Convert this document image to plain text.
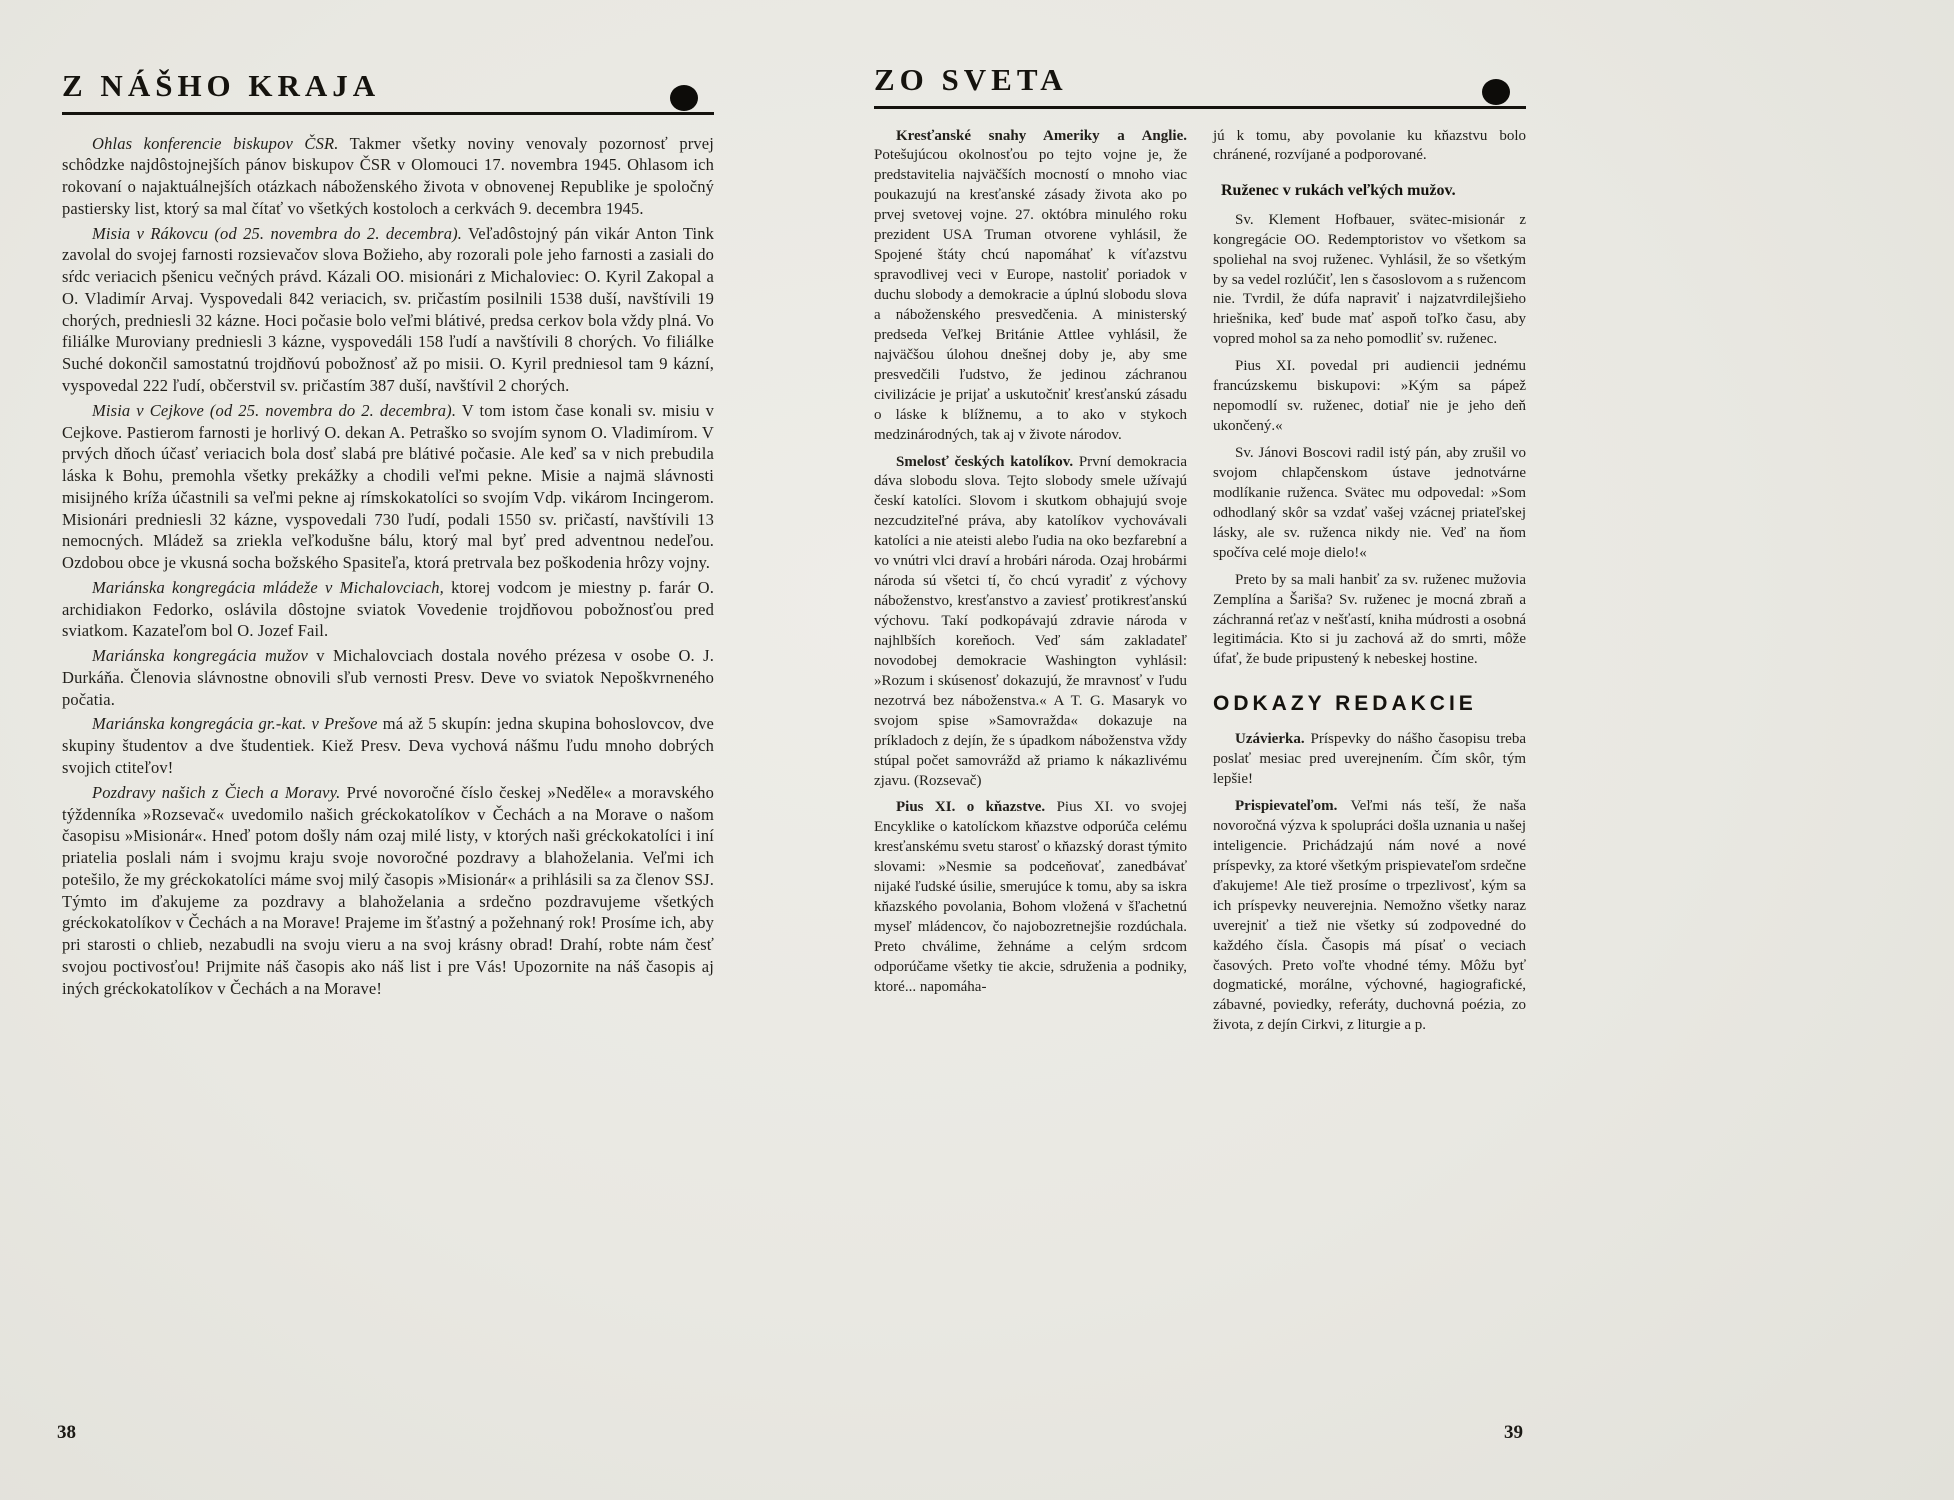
Z NÁŠHO KRAJA

Ohlas konferencie biskupov ČSR. Takmer všetky noviny venovaly pozornosť prvej schôdzke najdôstojnejších pánov biskupov ČSR v Olomouci 17. novembra 1945. Ohlasom ich rokovaní o najaktuálnejších otázkach náboženského života v obnovenej Republike je spoločný pastiersky list, ktorý sa mal čítať vo všetkých kostoloch a cerkvách 9. decembra 1945.

Misia v Rákovcu (od 25. novembra do 2. decembra). Veľadôstojný pán vikár Anton Tink zavolal do svojej farnosti rozsievačov slova Božieho, aby rozorali pole jeho farnosti a zasiali do sŕdc veriacich pšenicu večných právd. Kázali OO. misionári z Michaloviec: O. Kyril Zakopal a O. Vladimír Arvaj. Vyspovedali 842 veriacich, sv. pričastím posilnili 1538 duší, navštívili 19 chorých, predniesli 32 kázne. Hoci počasie bolo veľmi blátivé, predsa cerkov bola vždy plná. Vo filiálke Muroviany predniesli 3 kázne, vyspovedáli 158 ľudí a navštívili 8 chorých. Vo filiálke Suché dokončil samostatnú trojdňovú pobožnosť až po misii. O. Kyril predniesol tam 9 kázní, vyspovedal 222 ľudí, občerstvil sv. pričastím 387 duší, navštívil 2 chorých.

Misia v Cejkove (od 25. novembra do 2. decembra). V tom istom čase konali sv. misiu v Cejkove. Pastierom farnosti je horlivý O. dekan A. Petraško so svojím synom O. Vladimírom. V prvých dňoch účasť veriacich bola dosť slabá pre blátivé počasie. Ale keď sa v nich prebudila láska k Bohu, premohla všetky prekážky a chodili veľmi pekne. Misie a najmä slávnosti misijného kríža účastnili sa veľmi pekne aj rímskokatolíci so svojím Vdp. vikárom Incingerom. Misionári predniesli 32 kázne, vyspovedali 730 ľudí, podali 1550 sv. pričastí, navštívili 13 nemocných. Mládež sa zriekla veľkodušne bálu, ktorý mal byť pred adventnou nedeľou. Ozdobou obce je vkusná socha božského Spasiteľa, ktorá pretrvala bez poškodenia hrôzy vojny.

Mariánska kongregácia mládeže v Michalovciach, ktorej vodcom je miestny p. farár O. archidiakon Fedorko, oslávila dôstojne sviatok Vovedenie trojdňovou pobožnosťou pred sviatkom. Kazateľom bol O. Jozef Fail.

Mariánska kongregácia mužov v Michalovciach dostala nového prézesa v osobe O. J. Durkáňa. Členovia slávnostne obnovili sľub vernosti Presv. Deve vo sviatok Nepoškvrneného počatia.

Mariánska kongregácia gr.-kat. v Prešove má až 5 skupín: jedna skupina bohoslovcov, dve skupiny študentov a dve študentiek. Kiež Presv. Deva vychová nášmu ľudu mnoho dobrých svojich ctiteľov!

Pozdravy našich z Čiech a Moravy. Prvé novoročné číslo českej »Neděle« a moravského týždenníka »Rozsevač« uvedomilo našich gréckokatolíkov v Čechách a na Morave o našom časopisu »Misionár«. Hneď potom došly nám ozaj milé listy, v ktorých naši gréckokatolíci i iní priatelia poslali nám i svojmu kraju svoje novoročné pozdravy a blahoželania. Veľmi ich potešilo, že my gréckokatolíci máme svoj milý časopis »Misionár« a prihlásili sa za členov SSJ. Týmto im ďakujeme za pozdravy a blahoželania a srdečno pozdravujeme všetkých gréckokatolíkov v Čechách a na Morave! Prajeme im šťastný a požehnaný rok! Prosíme ich, aby pri starosti o chlieb, nezabudli na svoju vieru a na svoj krásny obrad! Drahí, robte nám česť svojou poctivosťou! Prijmite náš časopis ako náš list i pre Vás! Upozornite na náš časopis aj iných gréckokatolíkov v Čechách a na Morave!

ZO SVETA

Kresťanské snahy Ameriky a Anglie. Potešujúcou okolnosťou po tejto vojne je, že predstavitelia najväčších mocností o mnoho viac poukazujú na kresťanské zásady života ako po prvej svetovej vojne. 27. októbra minulého roku prezident USA Truman otvorene vyhlásil, že Spojené štáty chcú napomáhať k víťazstvu spravodlivej veci v Europe, nastoliť poriadok v duchu slobody a demokracie a úplnú slobodu slova a náboženského presvedčenia. A ministerský predseda Veľkej Británie Attlee vyhlásil, že najväčšou úlohou dnešnej doby je, aby sme presvedčili ľudstvo, že jedinou záchranou civilizácie je prijať a uskutočniť kresťanskú zásadu o láske k blížnemu, a to ako v stykoch medzinárodných, tak aj v živote národov.

Smelosť českých katolíkov. První demokracia dáva slobodu slova. Tejto slobody smele užívajú českí katolíci. Slovom i skutkom obhajujú svoje nezcudziteľné práva, aby katolíkov vychovávali katolíci a nie ateisti alebo ľudia na oko bezfarební a vo vnútri vlci draví a hrobári národa. Ozaj hrobármi národa sú všetci tí, čo chcú vyradiť z výchovy náboženstvo, kresťanstvo a zaviesť protikresťanskú výchovu. Takí podkopávajú zdravie národa v najhlbších koreňoch. Veď sám zakladateľ novodobej demokracie Washington vyhlásil: »Rozum i skúsenosť dokazujú, že mravnosť v ľudu nezotrvá bez náboženstva.« A T. G. Masaryk vo svojom spise »Samovražda« dokazuje na príkladoch z dejín, že s úpadkom náboženstva vždy stúpal počet samovrážd až priamo k nákazlivému zjavu. (Rozsevač)

Pius XI. o kňazstve. Pius XI. vo svojej Encyklike o katolíckom kňazstve odporúča celému kresťanskému svetu starosť o kňazský dorast týmito slovami: »Nesmie sa podceňovať, zanedbávať nijaké ľudské úsilie, smerujúce k tomu, aby sa iskra kňazského povolania, Bohom vložená v šľachetnú myseľ mládencov, čo najobozretnejšie rozdúchala. Preto chválime, žehnáme a celým srdcom odporúčame všetky tie akcie, sdruženia a podniky, ktoré... napomáha-

jú k tomu, aby povolanie ku kňazstvu bolo chránené, rozvíjané a podporované.

Ruženec v rukách veľkých mužov.

Sv. Klement Hofbauer, svätec-misionár z kongregácie OO. Redemptoristov vo všetkom sa spoliehal na svoj ruženec. Vyhlásil, že so všetkým by sa vedel rozlúčiť, len s časoslovom a s ružencom nie. Tvrdil, že dúfa napraviť i najzatvrdilejšieho hriešnika, keď bude mať aspoň toľko času, aby vopred mohol sa za neho pomodliť sv. ruženec.

Pius XI. povedal pri audiencii jednému francúzskemu biskupovi: »Kým sa pápež nepomodlí sv. ruženec, dotiaľ nie je jeho deň ukončený.«

Sv. Jánovi Boscovi radil istý pán, aby zrušil vo svojom chlapčenskom ústave jednotvárne modlíkanie ruženca. Svätec mu odpovedal: »Som odhodlaný skôr sa vzdať vašej vzácnej priateľskej lásky, ale sv. ruženca nikdy nie. Veď na ňom spočíva celé moje dielo!«

Preto by sa mali hanbiť za sv. ruženec mužovia Zemplína a Šariša? Sv. ruženec je mocná zbraň a záchranná reťaz v nešťastí, kniha múdrosti a osobná legitimácia. Kto si ju zachová až do smrti, môže úfať, že bude pripustený k nebeskej hostine.

ODKAZY REDAKCIE

Uzávierka. Príspevky do nášho časopisu treba poslať mesiac pred uverejnením. Čím skôr, tým lepšie!

Prispievateľom. Veľmi nás teší, že naša novoročná výzva k spolupráci došla uznania u našej inteligencie. Prichádzajú nám nové a nové príspevky, za ktoré všetkým prispievateľom srdečne ďakujeme! Ale tiež prosíme o trpezlivosť, kým sa ich príspevky neuverejnia. Nemožno všetky naraz uverejniť a tiež nie všetky sú zodpovedné do každého čísla. Časopis má písať o veciach časových. Preto voľte vhodné témy. Môžu byť dogmatické, morálne, výchovné, hagiografické, zábavné, poviedky, referáty, duchovná poézia, zo života, z dejín Cirkvi, z liturgie a p.

38	39
